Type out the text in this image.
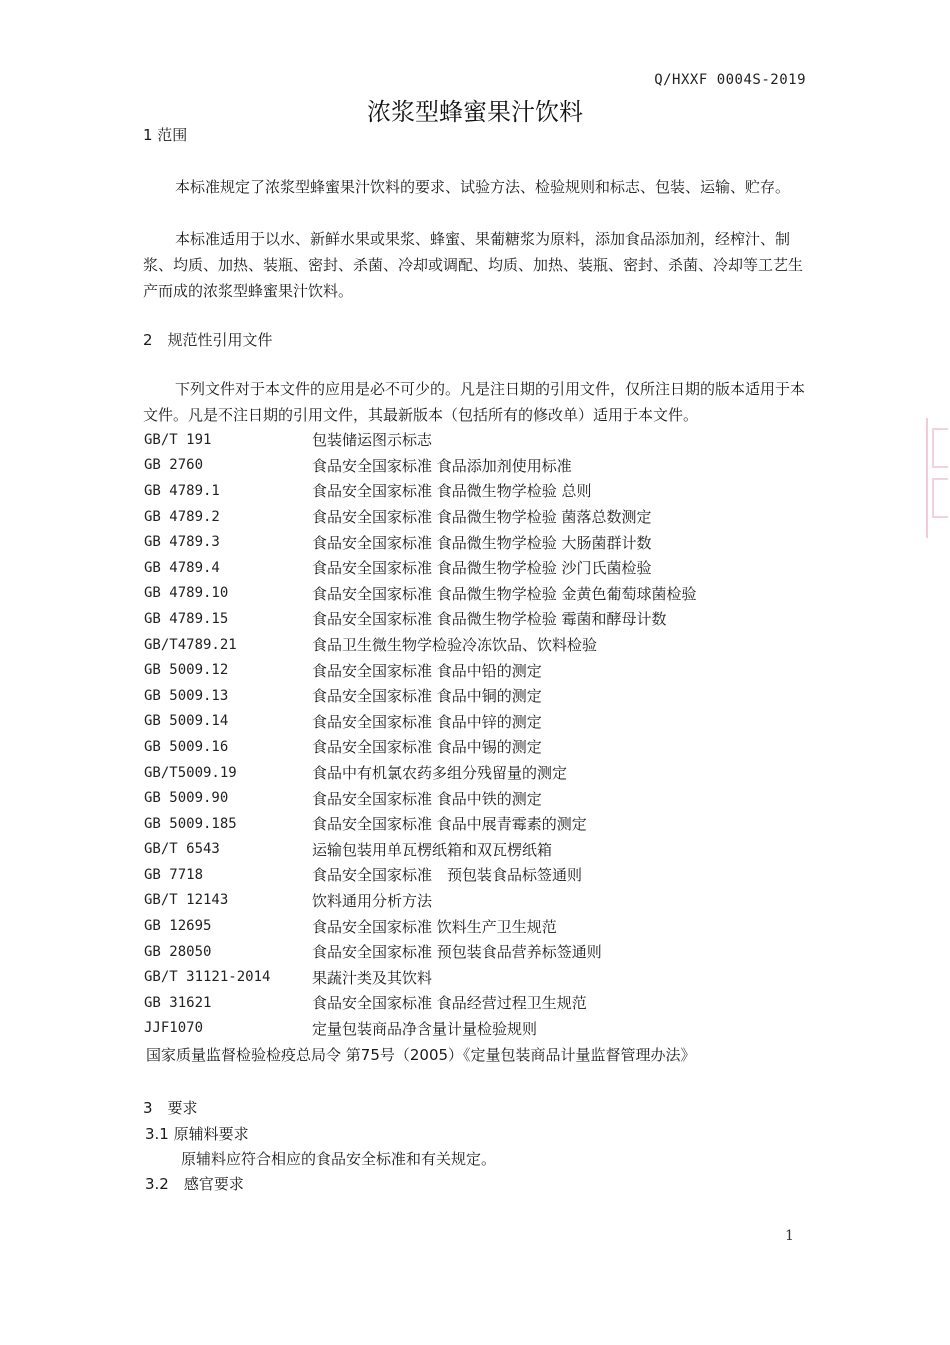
Q/HXXF 0004S-2019
浓浆型蜂蜜果汁饮料
1 范围
本标准规定了浓浆型蜂蜜果汁饮料的要求、试验方法、检验规则和标志、包装、运输、贮存。
本标准适用于以水、新鲜水果或果浆、蜂蜜、果葡糖浆为原料，添加食品添加剂，经榨汁、制浆、均质、加热、装瓶、密封、杀菌、冷却或调配、均质、加热、装瓶、密封、杀菌、冷却等工艺生产而成的浓浆型蜂蜜果汁饮料。
2　规范性引用文件
下列文件对于本文件的应用是必不可少的。凡是注日期的引用文件，仅所注日期的版本适用于本文件。凡是不注日期的引用文件，其最新版本（包括所有的修改单）适用于本文件。
GB/T 191	包装储运图示标志
GB 2760	食品安全国家标准 食品添加剂使用标准
GB 4789.1	食品安全国家标准 食品微生物学检验 总则
GB 4789.2	食品安全国家标准 食品微生物学检验 菌落总数测定
GB 4789.3	食品安全国家标准 食品微生物学检验 大肠菌群计数
GB 4789.4	食品安全国家标准 食品微生物学检验 沙门氏菌检验
GB 4789.10	食品安全国家标准 食品微生物学检验 金黄色葡萄球菌检验
GB 4789.15	食品安全国家标准 食品微生物学检验 霉菌和酵母计数
GB/T4789.21	食品卫生微生物学检验冷冻饮品、饮料检验
GB 5009.12	食品安全国家标准 食品中铅的测定
GB 5009.13	食品安全国家标准 食品中铜的测定
GB 5009.14	食品安全国家标准 食品中锌的测定
GB 5009.16	食品安全国家标准 食品中锡的测定
GB/T5009.19	食品中有机氯农药多组分残留量的测定
GB 5009.90	食品安全国家标准 食品中铁的测定
GB 5009.185	食品安全国家标准 食品中展青霉素的测定
GB/T 6543	运输包装用单瓦楞纸箱和双瓦楞纸箱
GB 7718	食品安全国家标准　预包装食品标签通则
GB/T 12143	饮料通用分析方法
GB 12695	食品安全国家标准 饮料生产卫生规范
GB 28050	食品安全国家标准 预包装食品营养标签通则
GB/T 31121-2014	果蔬汁类及其饮料
GB 31621	食品安全国家标准 食品经营过程卫生规范
JJF1070	定量包装商品净含量计量检验规则
国家质量监督检验检疫总局令 第75号（2005）《定量包装商品计量监督管理办法》
3　要求
3.1 原辅料要求
原辅料应符合相应的食品安全标准和有关规定。
3.2　感官要求
1
